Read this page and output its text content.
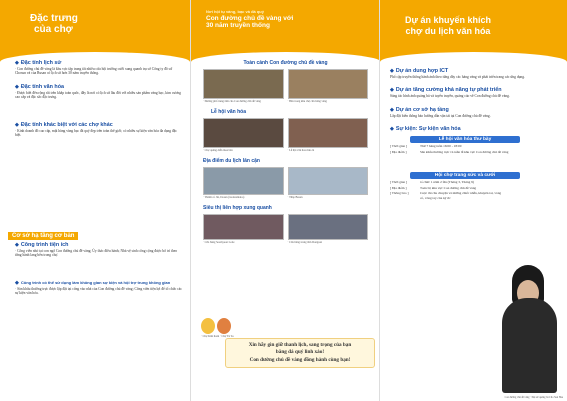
Đặc trưng
của chợ
◆ Đặc tính lịch sử
· Con đường chủ đề vàng là khu vực tập trung tất nhiều cửa hội trường cưới xung quanh trụ sở Công ty đồ sứ Chosun và của Busan có lịch sử hơn 30 năm truyền thống.
◆ Đặc tính văn hóa
· Được biết đến rộng rãi trên khắp toàn quốc, đây là nơi có lịch sử lâu đời với nhiều sản phẩm vàng bạc, kim cương cao cấp và đặc sắc đặc trưng.
◆ Đặc tính khác biệt với các chợ khác
· Kinh doanh đồ cao cấp, mặt hàng vàng bạc đá quý đẹp trên toàn thế giới; có nhiều sự kiện văn hóa đa dạng đặc biệt.
Cơ sở hạ tầng cơ bản
◆ Công trình tiện ích
· Công viên nhỏ tại con ngõ Con đường chủ đề vàng; Ủy thác điều hành; Nhà vệ sinh công cộng được bố trí theo từng hành lang bên trong chợ.
◆ Công trình có thể sử dụng làm không gian sự kiện và hội trợ trung không gian
· Sàn khấu thường trực được lập đặt tại cổng vào nhà của Con đường chủ đề vàng; Công viên tiện lợi để tổ chức các sự kiện văn hóa.
Nơi hội tụ vàng, bạc và đá quý
Con đường chủ đề vàng với
30 năm truyền thống
Toàn cảnh Con đường chủ đề vàng
· Đường phố trung tâm của Con đường chủ đề vàng	· Bên trong khu chợ cửa hàng vàng
Lễ hội văn hóa
· Chợ quảng diễn mua bán	· Lễ hội văn hóa mùa lá
Địa điểm du lịch lân cận
· Thành cổ Jin, Dosan (Jeonnamdoo)	· Tháp Busan
Siêu thị liên hợp xung quanh
· Cửa hàng Seomyeon Lotte	· Cửa hàng trung tâm Dongsan
· Chợ Kim hoàn · Chợ Tư ba
Xin hãy gìn giữ thanh lịch, sang trọng của bạn
bằng đá quý linh xảo!
Con đường chủ đề vàng đồng hành cùng bạn!
Dự án khuyến khích
chợ du lịch văn hóa
◆ Dự án dung hợp ICT
Phổ cập truyền thông hành ảnh theo từng dây các hàng vàng và phát triển trang các ứng dụng.
◆ Dự án tăng cường khả năng tự phát triển
Sáng tác hình ảnh quảng bá và tuyển truyền, quảng cáo về Con đường chủ đề vàng.
◆ Dự án cơ sở hạ tầng
Lắp đặt biển thông báo hướng dẫn vận tải tại Con đường chủ đề vàng.
◆ Sự kiện: Sự kiện văn hóa
Lễ hội văn hóa thư bày
[ Thời gian ]	Thứ 7 hàng tuần 16:00 - 18:00
[ Địa điểm ]	Sân khấu thường trực và tuần lễ khu vực Con đường chủ đề vàng
Hội chợ trang sức và cưới
[ Thời gian ]	tổ chức 1 năm 2 lần (Tháng 3, Tháng 9)
[ Địa điểm ]	Toàn bộ khu vực Con đường chủ đề vàng
[ Thông báo ]	Cuộc thi câu chuyện và những chiếc nhẫn, khuyên tai, vòng cổ, vòng tay của ký ức
Con đường chủ đề vàng · Đại sứ quảng bá Cho Sun Hea
